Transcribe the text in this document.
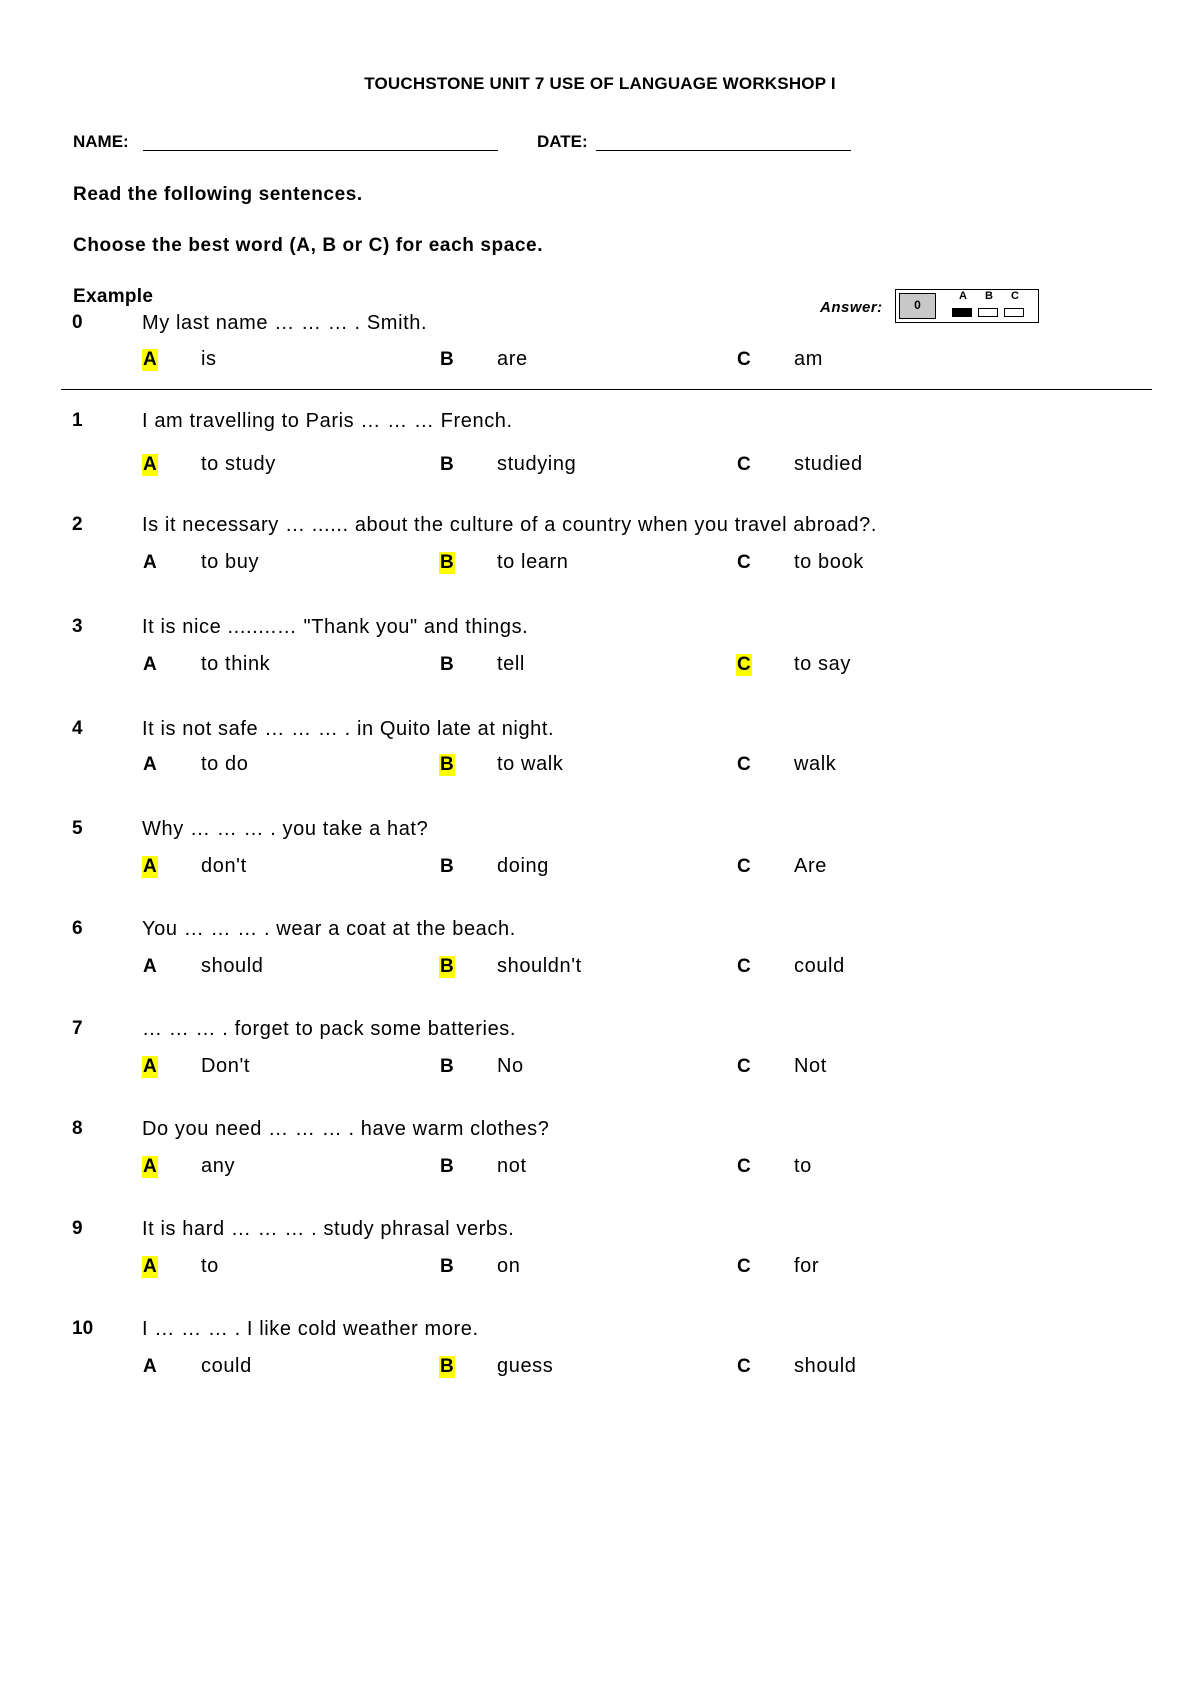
TOUCHSTONE UNIT 7 USE OF LANGUAGE WORKSHOP I
NAME:	DATE:
Read the following sentences.
Choose the best word (A, B or C) for each space.
Example
Answer:	0
A B C
0	My last name … … … . Smith.
A is	B are	C am
1	I am travelling to Paris … … … French.
A to study	B studying	C studied
2	Is it necessary … ...... about the culture of a country when you travel abroad?.
A to buy	B to learn	C to book
3	It is nice ........… "Thank you" and things.
A to think	B tell	C to say
4	It is not safe … … … . in Quito late at night.
A to do	B to walk	C walk
5	Why … … … . you take a hat?
A don't	B doing	C Are
6	You … … … . wear a coat at the beach.
A should	B shouldn't	C could
7	… … … . forget to pack some batteries.
A Don't	B No	C Not
8	Do you need … … … . have warm clothes?
A any	B not	C to
9	It is hard … … … . study phrasal verbs.
A to	B on	C for
10 I … … … . I like cold weather more.
A could	B guess	C should
